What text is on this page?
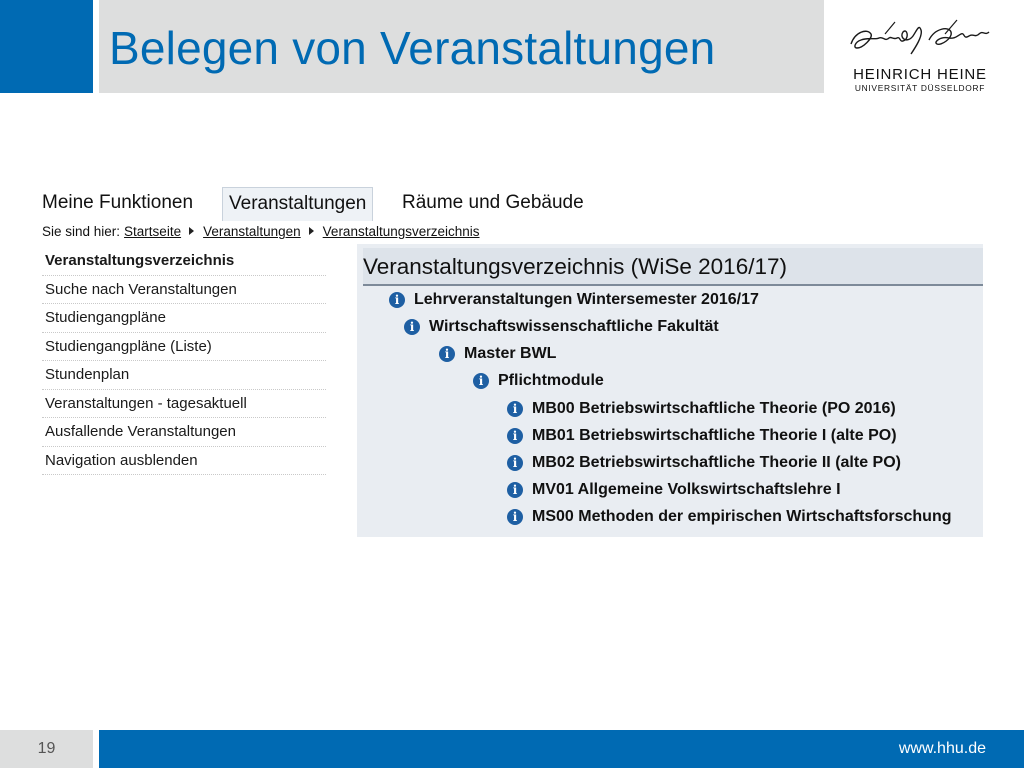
Belegen von Veranstaltungen
HEINRICH HEINE
UNIVERSITÄT DÜSSELDORF
Meine Funktionen	Veranstaltungen	Räume und Gebäude
Sie sind hier: Startseite Veranstaltungen Veranstaltungsverzeichnis
Veranstaltungsverzeichnis
Suche nach Veranstaltungen
Studiengangpläne
Studiengangpläne (Liste)
Stundenplan
Veranstaltungen - tagesaktuell
Ausfallende Veranstaltungen
Navigation ausblenden
Veranstaltungsverzeichnis (WiSe 2016/17)
i Lehrveranstaltungen Wintersemester 2016/17
i Wirtschaftswissenschaftliche Fakultät
i Master BWL
i Pflichtmodule
i MB00 Betriebswirtschaftliche Theorie (PO 2016)
i MB01 Betriebswirtschaftliche Theorie I (alte PO)
i MB02 Betriebswirtschaftliche Theorie II (alte PO)
i MV01 Allgemeine Volkswirtschaftslehre I
i MS00 Methoden der empirischen Wirtschaftsforschung
19	www.hhu.de
